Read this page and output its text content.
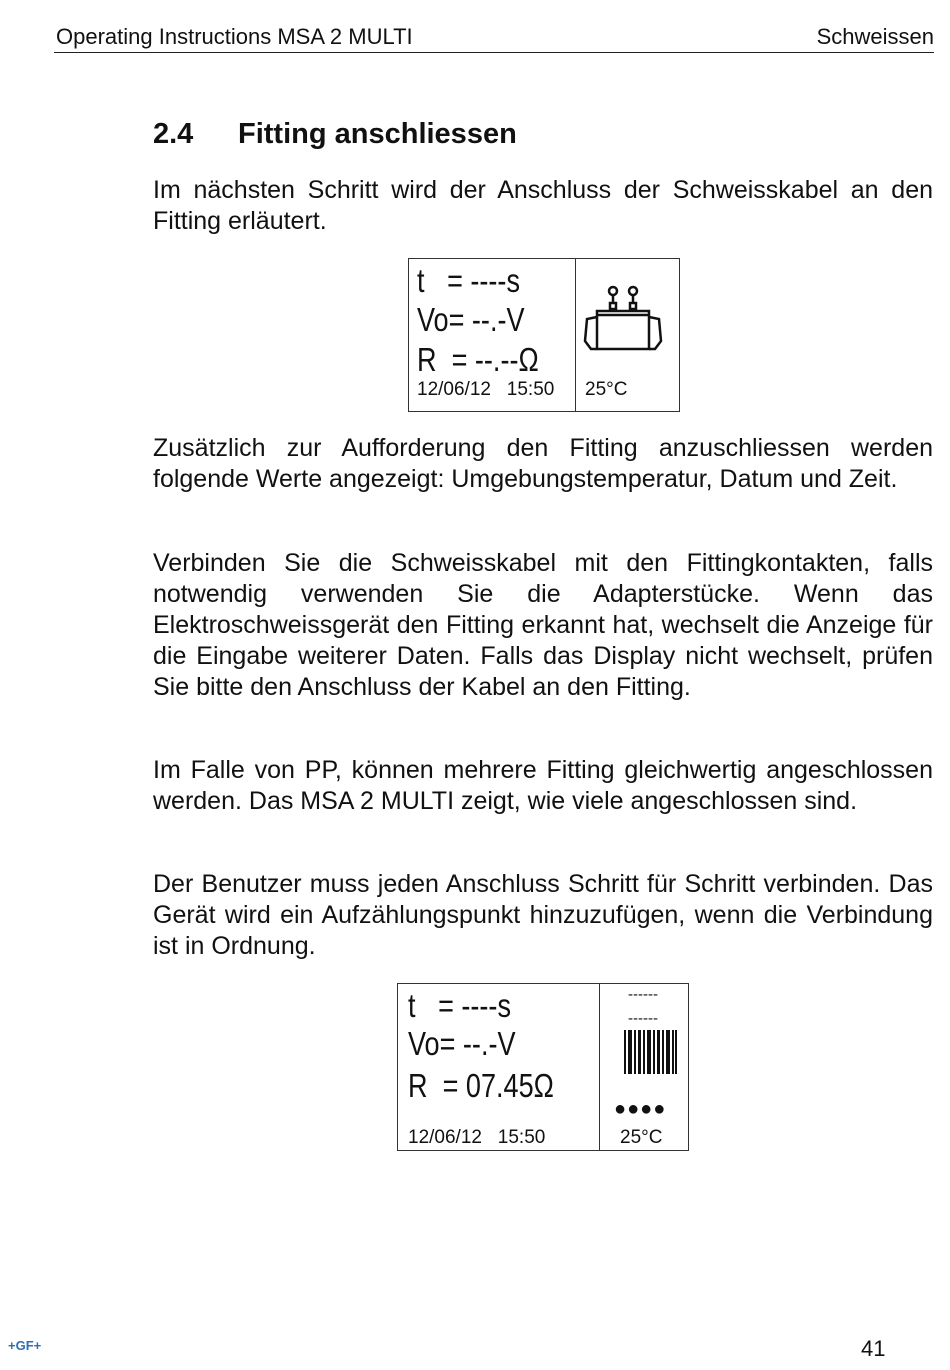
Operating Instructions MSA 2 MULTI	Schweissen
2.4 Fitting anschliessen
Im nächsten Schritt wird der Anschluss der Schweisskabel an den Fitting erläutert.
t   = ----s
Vo= --.-V
R  = --.--Ω
12/06/12   15:50 25°C
Zusätzlich zur Aufforderung den Fitting anzuschliessen werden folgende Werte angezeigt: Umgebungstemperatur, Datum und Zeit.
Verbinden Sie die Schweisskabel mit den Fittingkontakten, falls notwendig verwenden Sie die Adapterstücke. Wenn das Elektroschweissgerät den Fitting erkannt hat, wechselt die Anzeige für die Eingabe weiterer Daten. Falls das Display nicht wechselt, prüfen Sie bitte den Anschluss der Kabel an den Fitting.
Im Falle von PP, können mehrere Fitting gleichwertig angeschlossen werden. Das MSA 2 MULTI zeigt, wie viele angeschlossen sind.
Der Benutzer muss jeden Anschluss Schritt für Schritt verbinden. Das Gerät wird ein Aufzählungspunkt hinzuzufügen, wenn die Verbindung ist in Ordnung.
t   = ----s
Vo= --.-V
R  = 07.45Ω
12/06/12   15:50
------
------
●●●●
25°C
+GF+	41
